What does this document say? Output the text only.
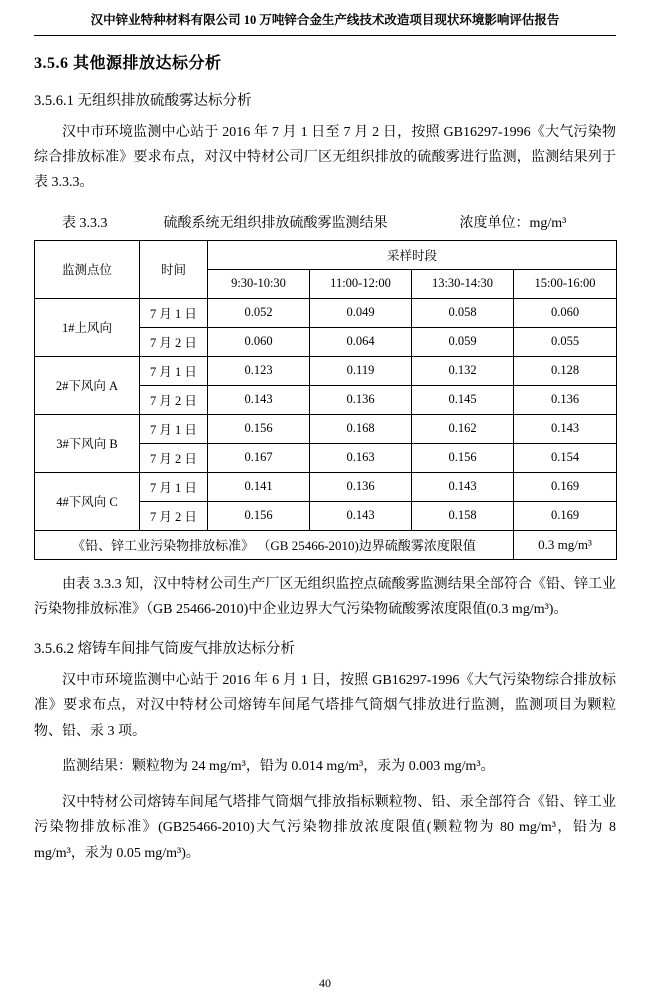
汉中锌业特种材料有限公司 10 万吨锌合金生产线技术改造项目现状环境影响评估报告
3.5.6 其他源排放达标分析
3.5.6.1 无组织排放硫酸雾达标分析

汉中市环境监测中心站于 2016 年 7 月 1 日至 7 月 2 日，按照 GB16297-1996《大气污染物综合排放标准》要求布点，对汉中特材公司厂区无组织排放的硫酸雾进行监测，监测结果列于表 3.3.3。

表 3.3.3	硫酸系统无组织排放硫酸雾监测结果	浓度单位：mg/m³
监测点位	时间	采样时段			
		9:30-10:30	11:00-12:00	13:30-14:30	15:00-16:00
1#上风向	7 月 1 日	0.052	0.049	0.058	0.060
	7 月 2 日	0.060	0.064	0.059	0.055
2#下风向 A	7 月 1 日	0.123	0.119	0.132	0.128
	7 月 2 日	0.143	0.136	0.145	0.136
3#下风向 B	7 月 1 日	0.156	0.168	0.162	0.143
	7 月 2 日	0.167	0.163	0.156	0.154
4#下风向 C	7 月 1 日	0.141	0.136	0.143	0.169
	7 月 2 日	0.156	0.143	0.158	0.169
《铅、锌工业污染物排放标准》 （GB 25466-2010)边界硫酸雾浓度限值					0.3 mg/m³

由表 3.3.3 知，汉中特材公司生产厂区无组织监控点硫酸雾监测结果全部符合《铅、锌工业污染物排放标准》（GB 25466-2010)中企业边界大气污染物硫酸雾浓度限值(0.3 mg/m³)。

3.5.6.2 熔铸车间排气筒废气排放达标分析

汉中市环境监测中心站于 2016 年 6 月 1 日，按照 GB16297-1996《大气污染物综合排放标准》要求布点，对汉中特材公司熔铸车间尾气塔排气筒烟气排放进行监测，监测项目为颗粒物、铅、汞 3 项。

监测结果：颗粒物为 24 mg/m³，铅为 0.014 mg/m³，汞为 0.003 mg/m³。

汉中特材公司熔铸车间尾气塔排气筒烟气排放指标颗粒物、铅、汞全部符合《铅、锌工业污染物排放标准》(GB25466-2010)大气污染物排放浓度限值(颗粒物为 80 mg/m³，铅为 8 mg/m³，汞为 0.05 mg/m³)。

40
